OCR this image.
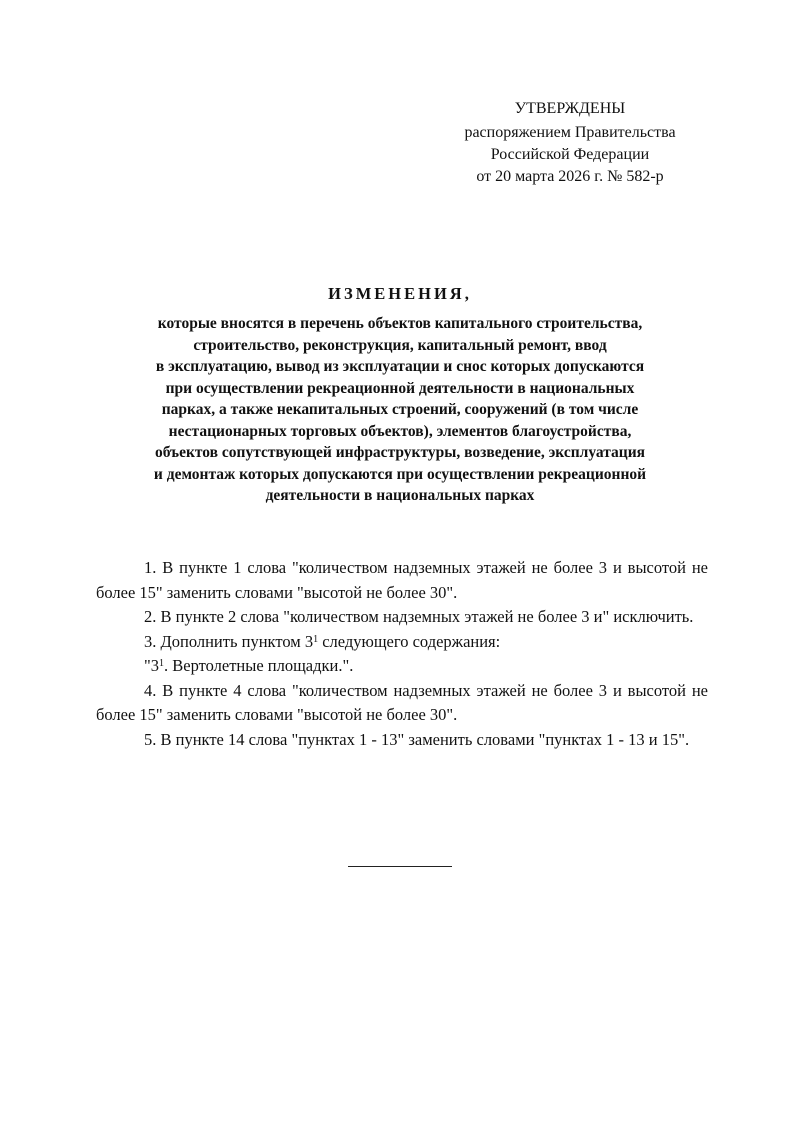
УТВЕРЖДЕНЫ
распоряжением Правительства
Российской Федерации
от 20 марта 2026 г. № 582-р
ИЗМЕНЕНИЯ,
которые вносятся в перечень объектов капитального строительства,
строительство, реконструкция, капитальный ремонт, ввод
в эксплуатацию, вывод из эксплуатации и снос которых допускаются
при осуществлении рекреационной деятельности в национальных
парках, а также некапитальных строений, сооружений (в том числе
нестационарных торговых объектов), элементов благоустройства,
объектов сопутствующей инфраструктуры, возведение, эксплуатация
и демонтаж которых допускаются при осуществлении рекреационной
деятельности в национальных парках

1. В пункте 1 слова "количеством надземных этажей не более 3 и высотой не более 15" заменить словами "высотой не более 30".

2. В пункте 2 слова "количеством надземных этажей не более 3 и" исключить.

3. Дополнить пунктом $3^1$ следующего содержания:

"$3^1$. Вертолетные площадки.".

4. В пункте 4 слова "количеством надземных этажей не более 3 и высотой не более 15" заменить словами "высотой не более 30".

5. В пункте 14 слова "пунктах 1 - 13" заменить словами "пунктах 1 - 13 и 15".
